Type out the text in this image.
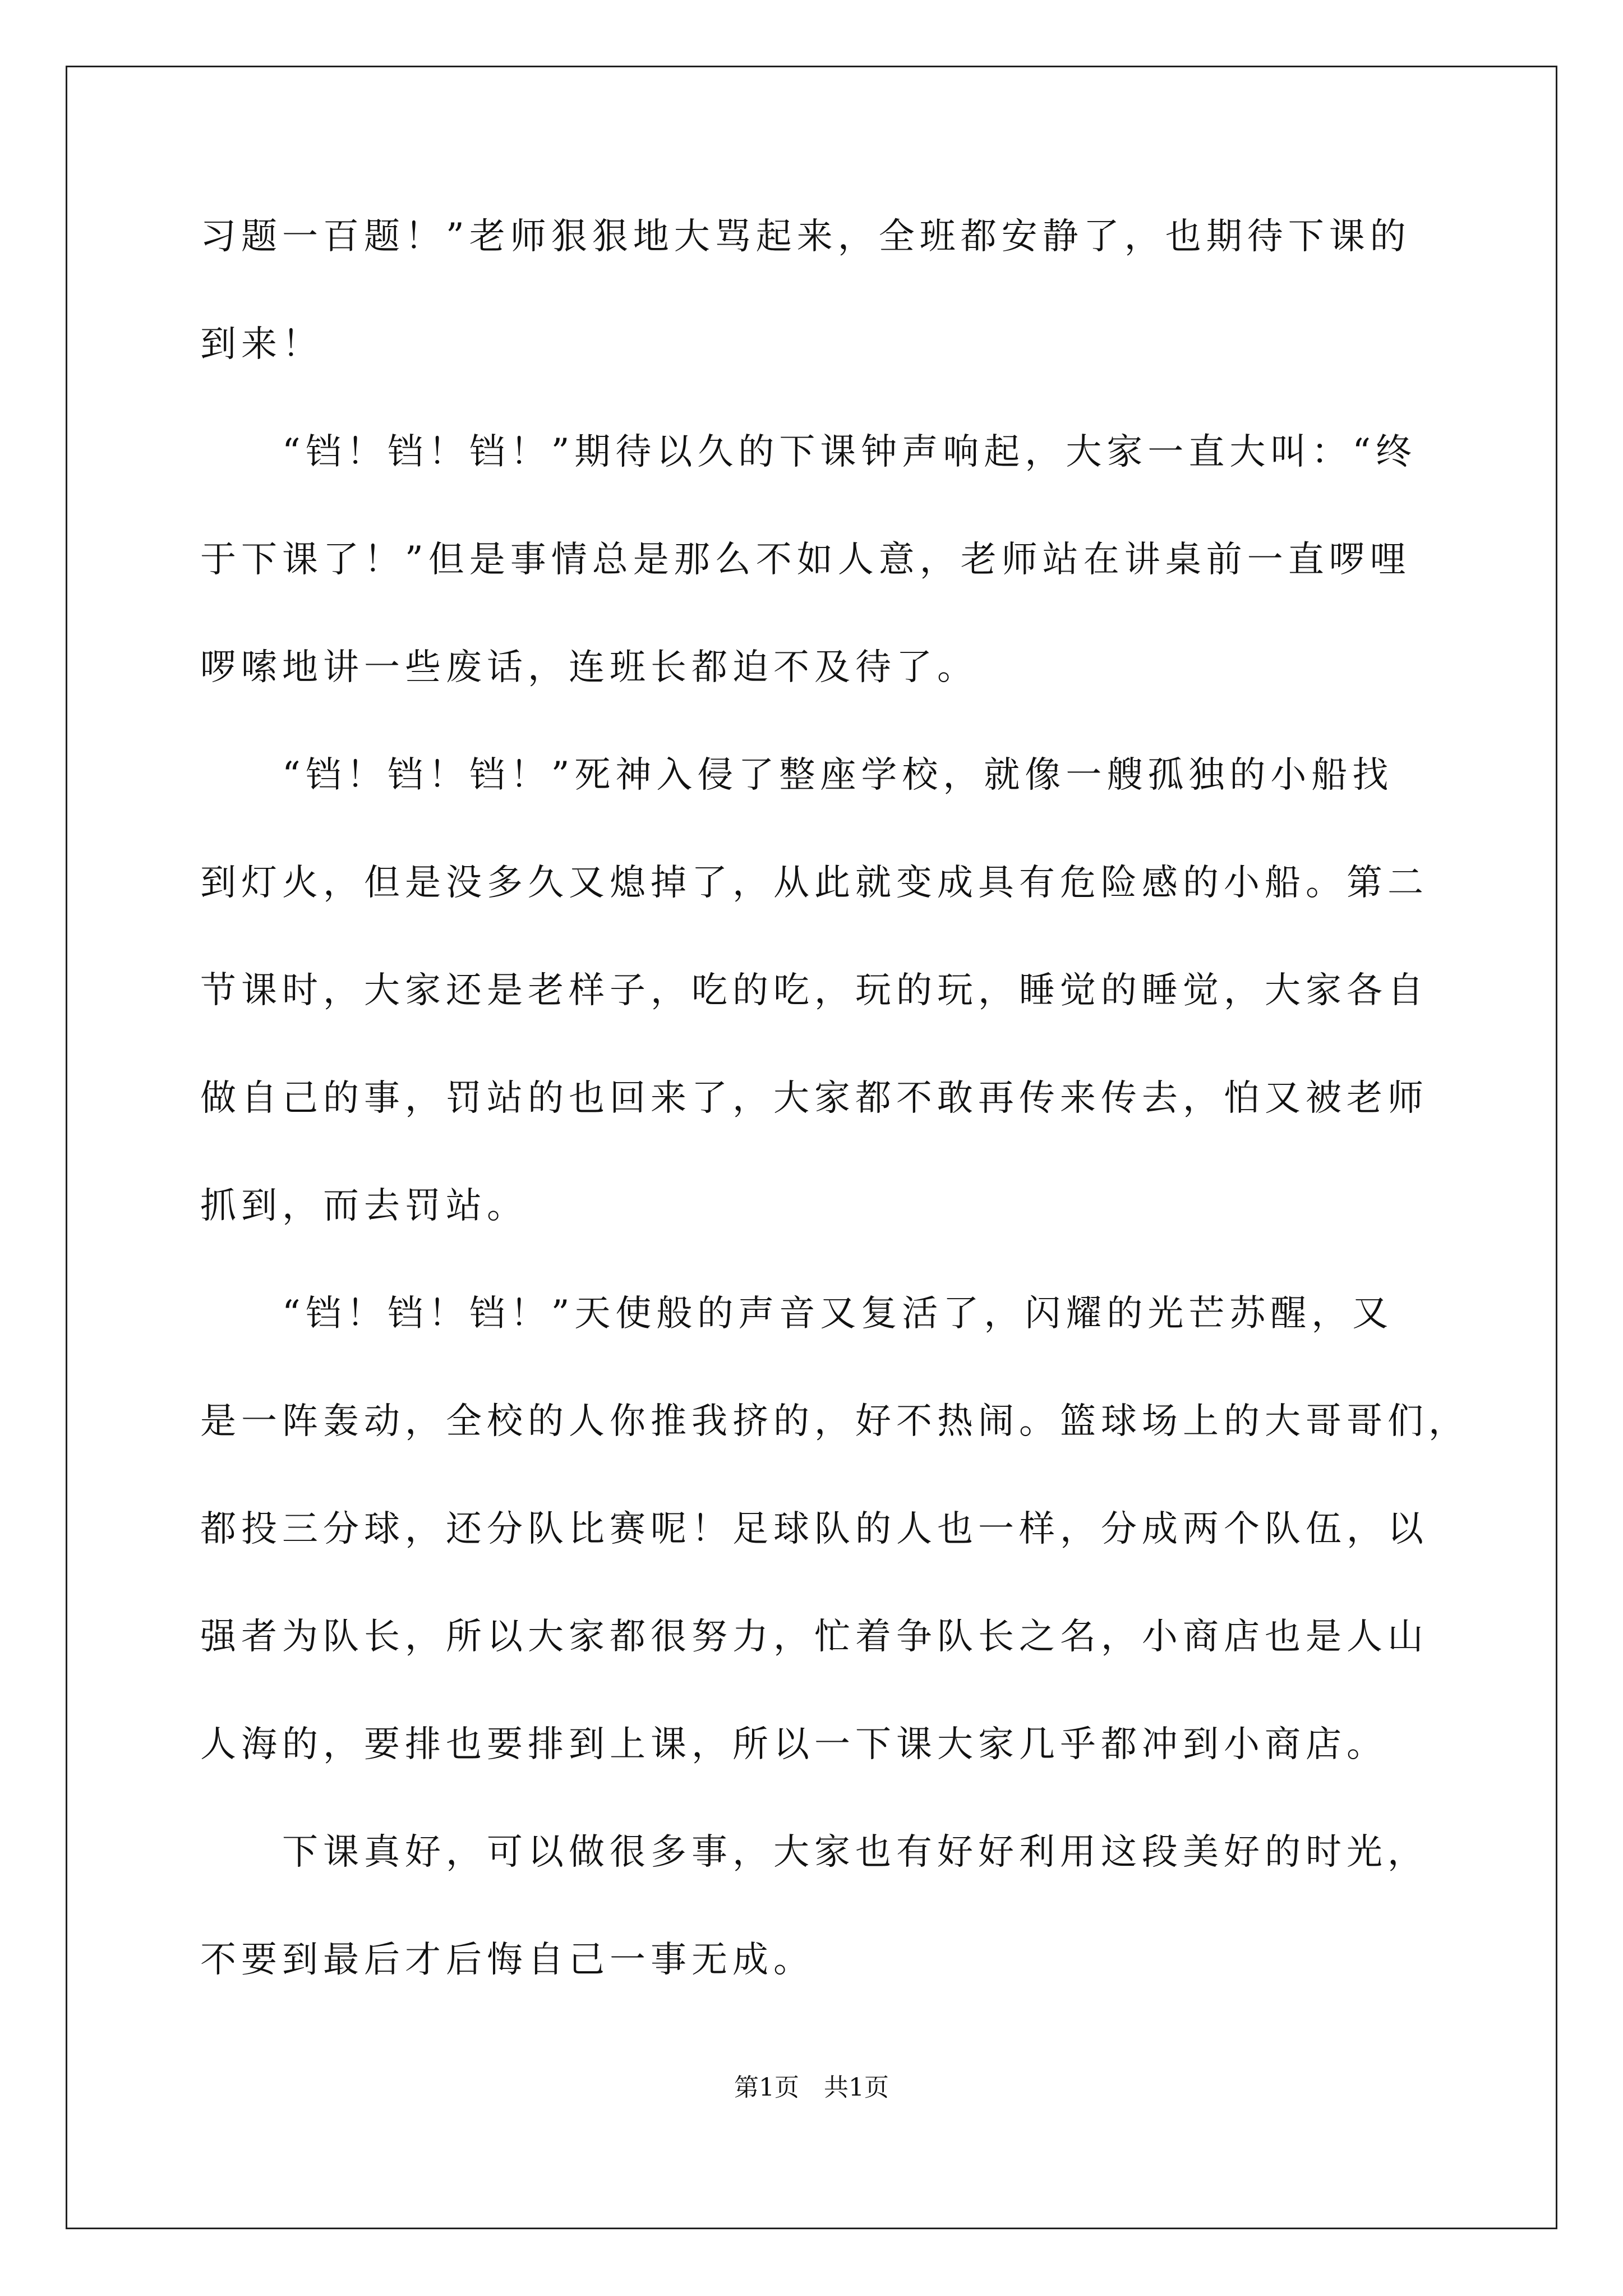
习题一百题！”老师狠狠地大骂起来，全班都安静了，也期待下课的

到来！

　　“铛！铛！铛！”期待以久的下课钟声响起，大家一直大叫：“终

于下课了！”但是事情总是那么不如人意，老师站在讲桌前一直啰哩

啰嗦地讲一些废话，连班长都迫不及待了。

　　“铛！铛！铛！”死神入侵了整座学校，就像一艘孤独的小船找

到灯火，但是没多久又熄掉了，从此就变成具有危险感的小船。第二

节课时，大家还是老样子，吃的吃，玩的玩，睡觉的睡觉，大家各自

做自己的事，罚站的也回来了，大家都不敢再传来传去，怕又被老师

抓到，而去罚站。

　　“铛！铛！铛！”天使般的声音又复活了，闪耀的光芒苏醒，又

是一阵轰动，全校的人你推我挤的，好不热闹。篮球场上的大哥哥们，

都投三分球，还分队比赛呢！足球队的人也一样，分成两个队伍，以

强者为队长，所以大家都很努力，忙着争队长之名，小商店也是人山

人海的，要排也要排到上课，所以一下课大家几乎都冲到小商店。

　　下课真好，可以做很多事，大家也有好好利用这段美好的时光，

不要到最后才后悔自己一事无成。

第1页　共1页
